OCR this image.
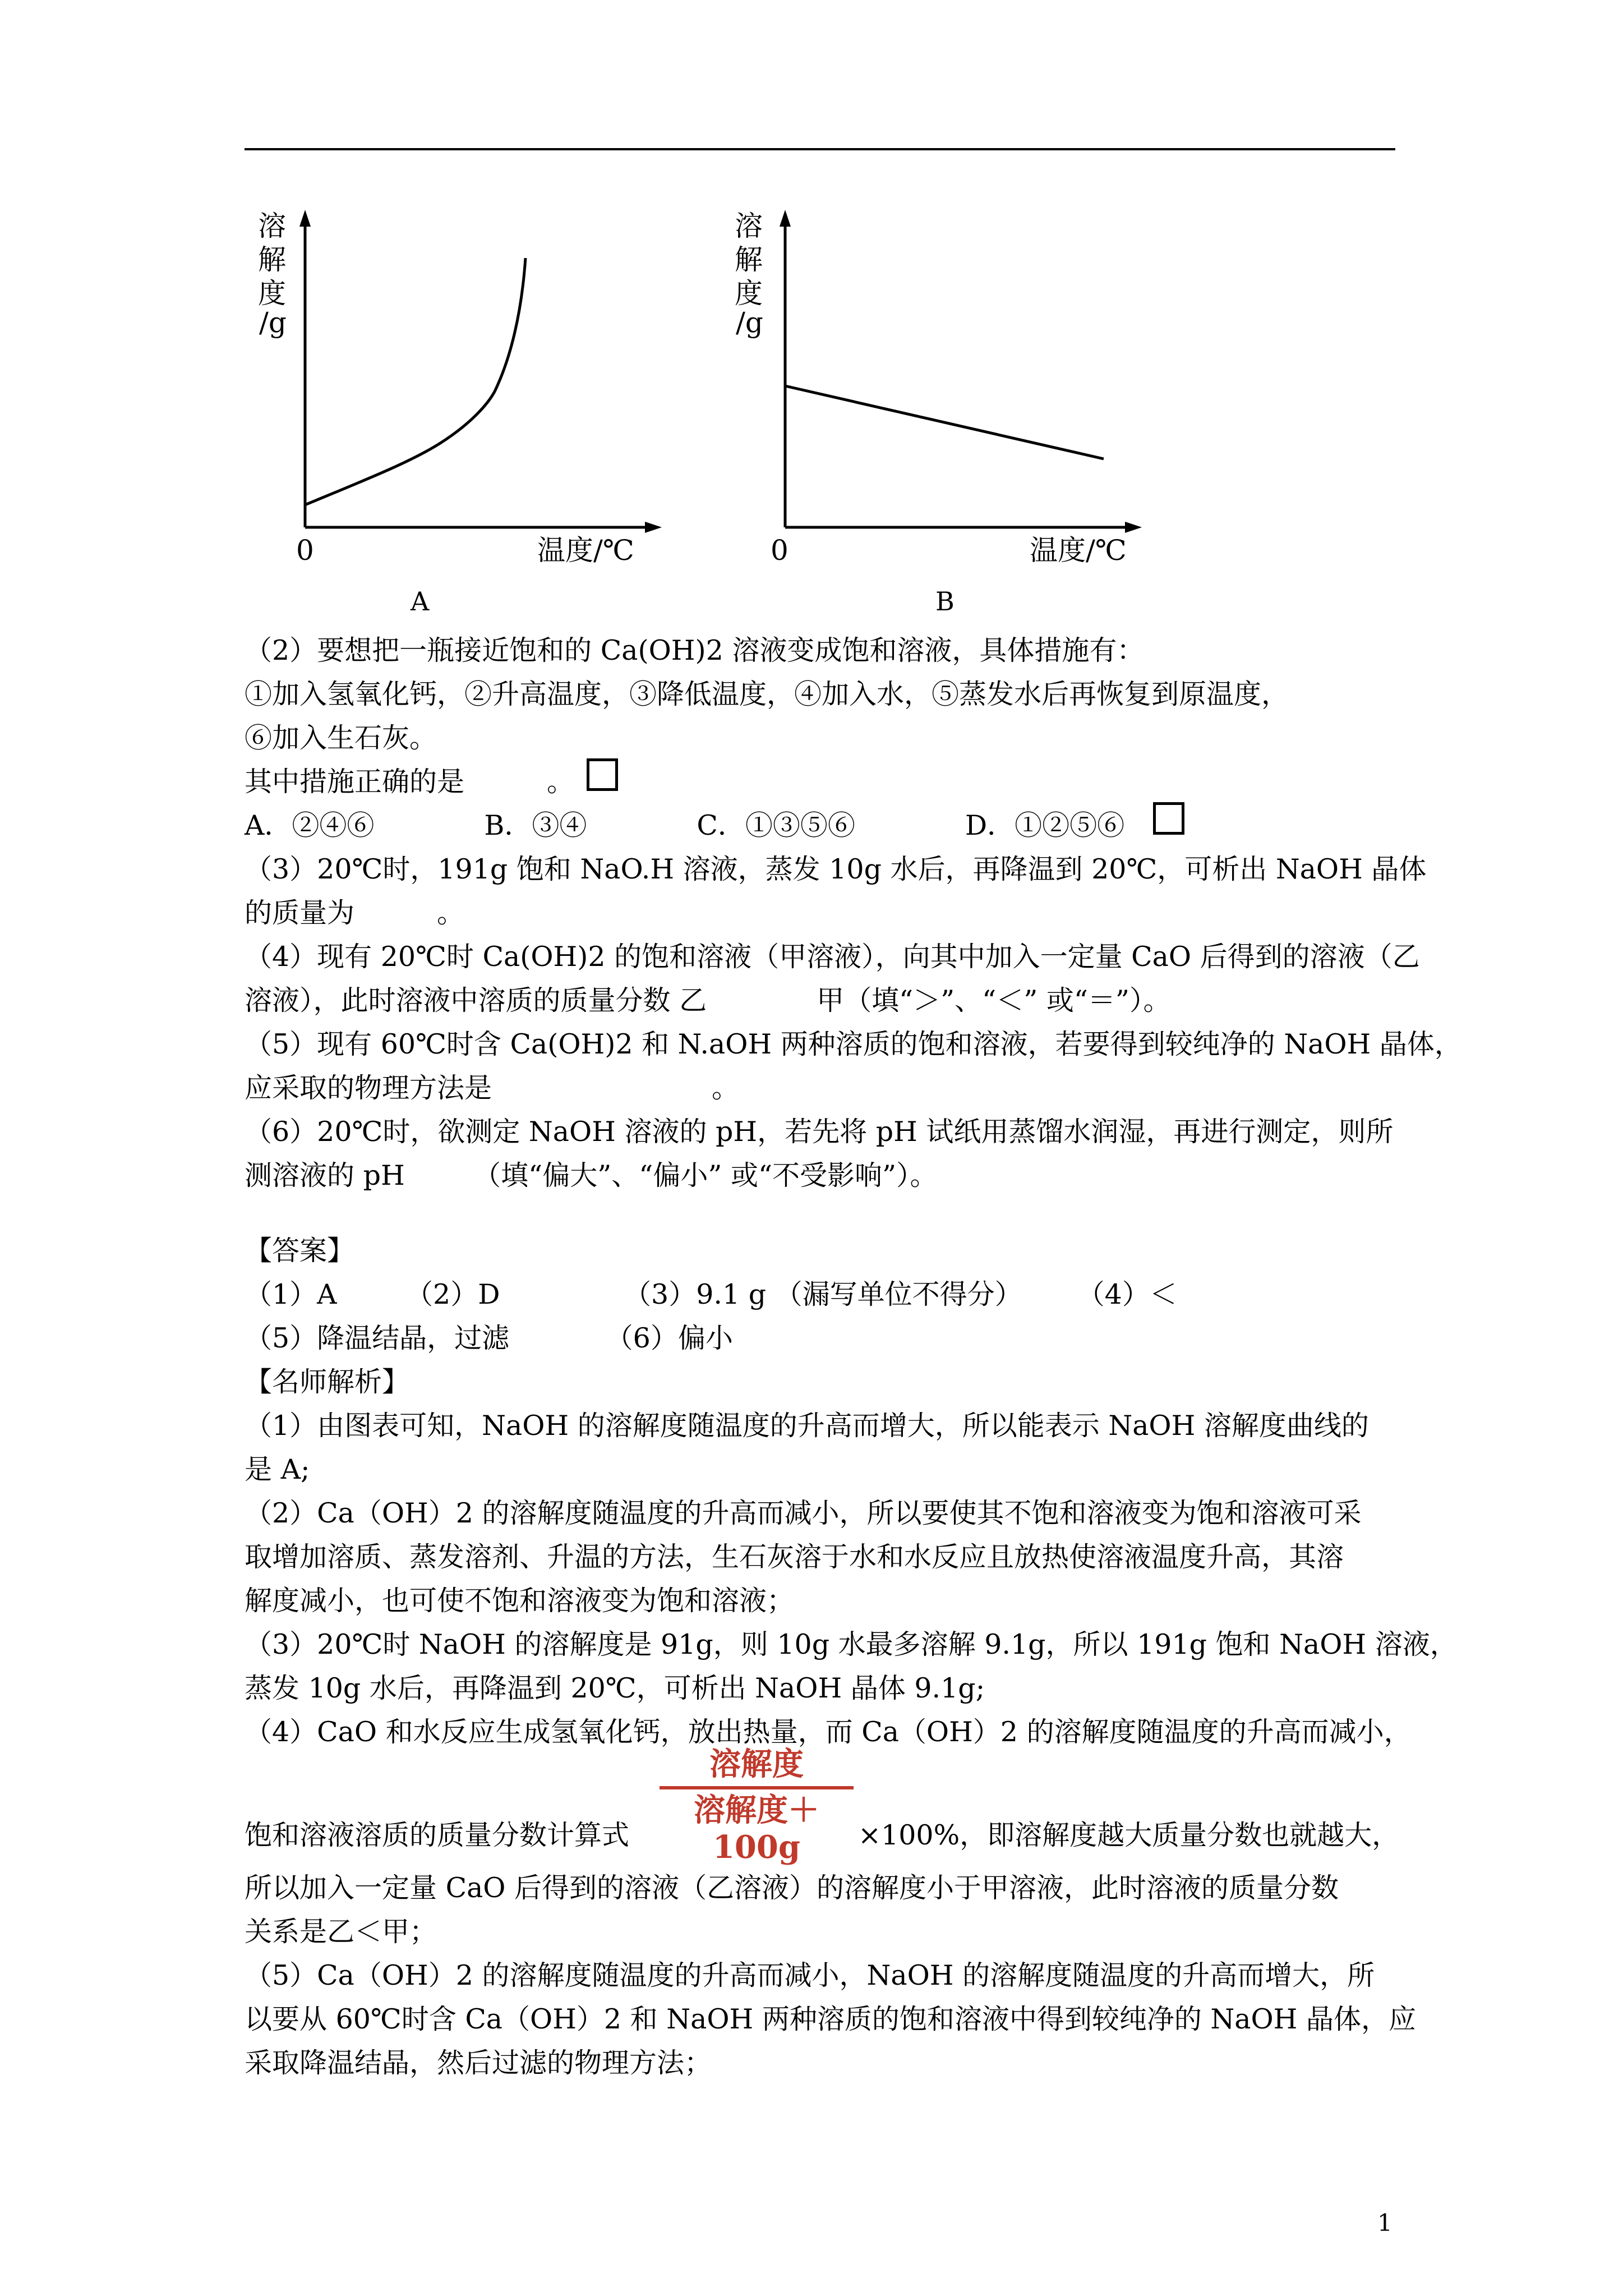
溶
解
度
/g
0	温度/℃
A
溶
解
度
/g
0	温度/℃
B
（2）要想把一瓶接近饱和的 Ca(OH)2 溶液变成饱和溶液，具体措施有：
①加入氢氧化钙，②升高温度，③降低温度，④加入水，⑤蒸发水后再恢复到原温度，
⑥加入生石灰。
其中措施正确的是　　　。
A．②④⑥　　　　B．③④　　　　C．①③⑤⑥　　　　D．①②⑤⑥
（3）20℃时，191g 饱和 NaO.H 溶液，蒸发 10g 水后，再降温到 20℃，可析出 NaOH 晶体
的质量为　　　。
（4）现有 20℃时 Ca(OH)2 的饱和溶液（甲溶液），向其中加入一定量 CaO 后得到的溶液（乙
溶液），此时溶液中溶质的质量分数 乙　　　　甲（填“＞”、“＜” 或“＝”）。
（5）现有 60℃时含 Ca(OH)2 和 N.aOH 两种溶质的饱和溶液，若要得到较纯净的 NaOH 晶体，
应采取的物理方法是　　　　　　　　。
（6）20℃时，欲测定 NaOH 溶液的 pH，若先将 pH 试纸用蒸馏水润湿，再进行测定，则所
测溶液的 pH　　　（填“偏大”、“偏小” 或“不受影响”）。
【答案】
（1）A　　　（2）D　　　　　（3）9.1 g （漏写单位不得分）　　　（4）＜
（5）降温结晶，过滤　　　　（6）偏小
【名师解析】
（1）由图表可知，NaOH 的溶解度随温度的升高而增大，所以能表示 NaOH 溶解度曲线的
是 A;
（2）Ca（OH）2 的溶解度随温度的升高而减小，所以要使其不饱和溶液变为饱和溶液可采
取增加溶质、蒸发溶剂、升温的方法，生石灰溶于水和水反应且放热使溶液温度升高，其溶
解度减小，也可使不饱和溶液变为饱和溶液；
（3）20℃时 NaOH 的溶解度是 91g，则 10g 水最多溶解 9.1g，所以 191g 饱和 NaOH 溶液，
蒸发 10g 水后，再降温到 20℃，可析出 NaOH 晶体 9.1g;
（4）CaO 和水反应生成氢氧化钙，放出热量，而 Ca（OH）2 的溶解度随温度的升高而减小，
饱和溶液溶质的质量分数计算式
溶解度
溶解度＋100g	×100%，即溶解度越大质量分数也就越大，
所以加入一定量 CaO 后得到的溶液（乙溶液）的溶解度小于甲溶液，此时溶液的质量分数
关系是乙＜甲；
（5）Ca（OH）2 的溶解度随温度的升高而减小，NaOH 的溶解度随温度的升高而增大，所
以要从 60℃时含 Ca（OH）2 和 NaOH 两种溶质的饱和溶液中得到较纯净的 NaOH 晶体，应
采取降温结晶，然后过滤的物理方法；
1
